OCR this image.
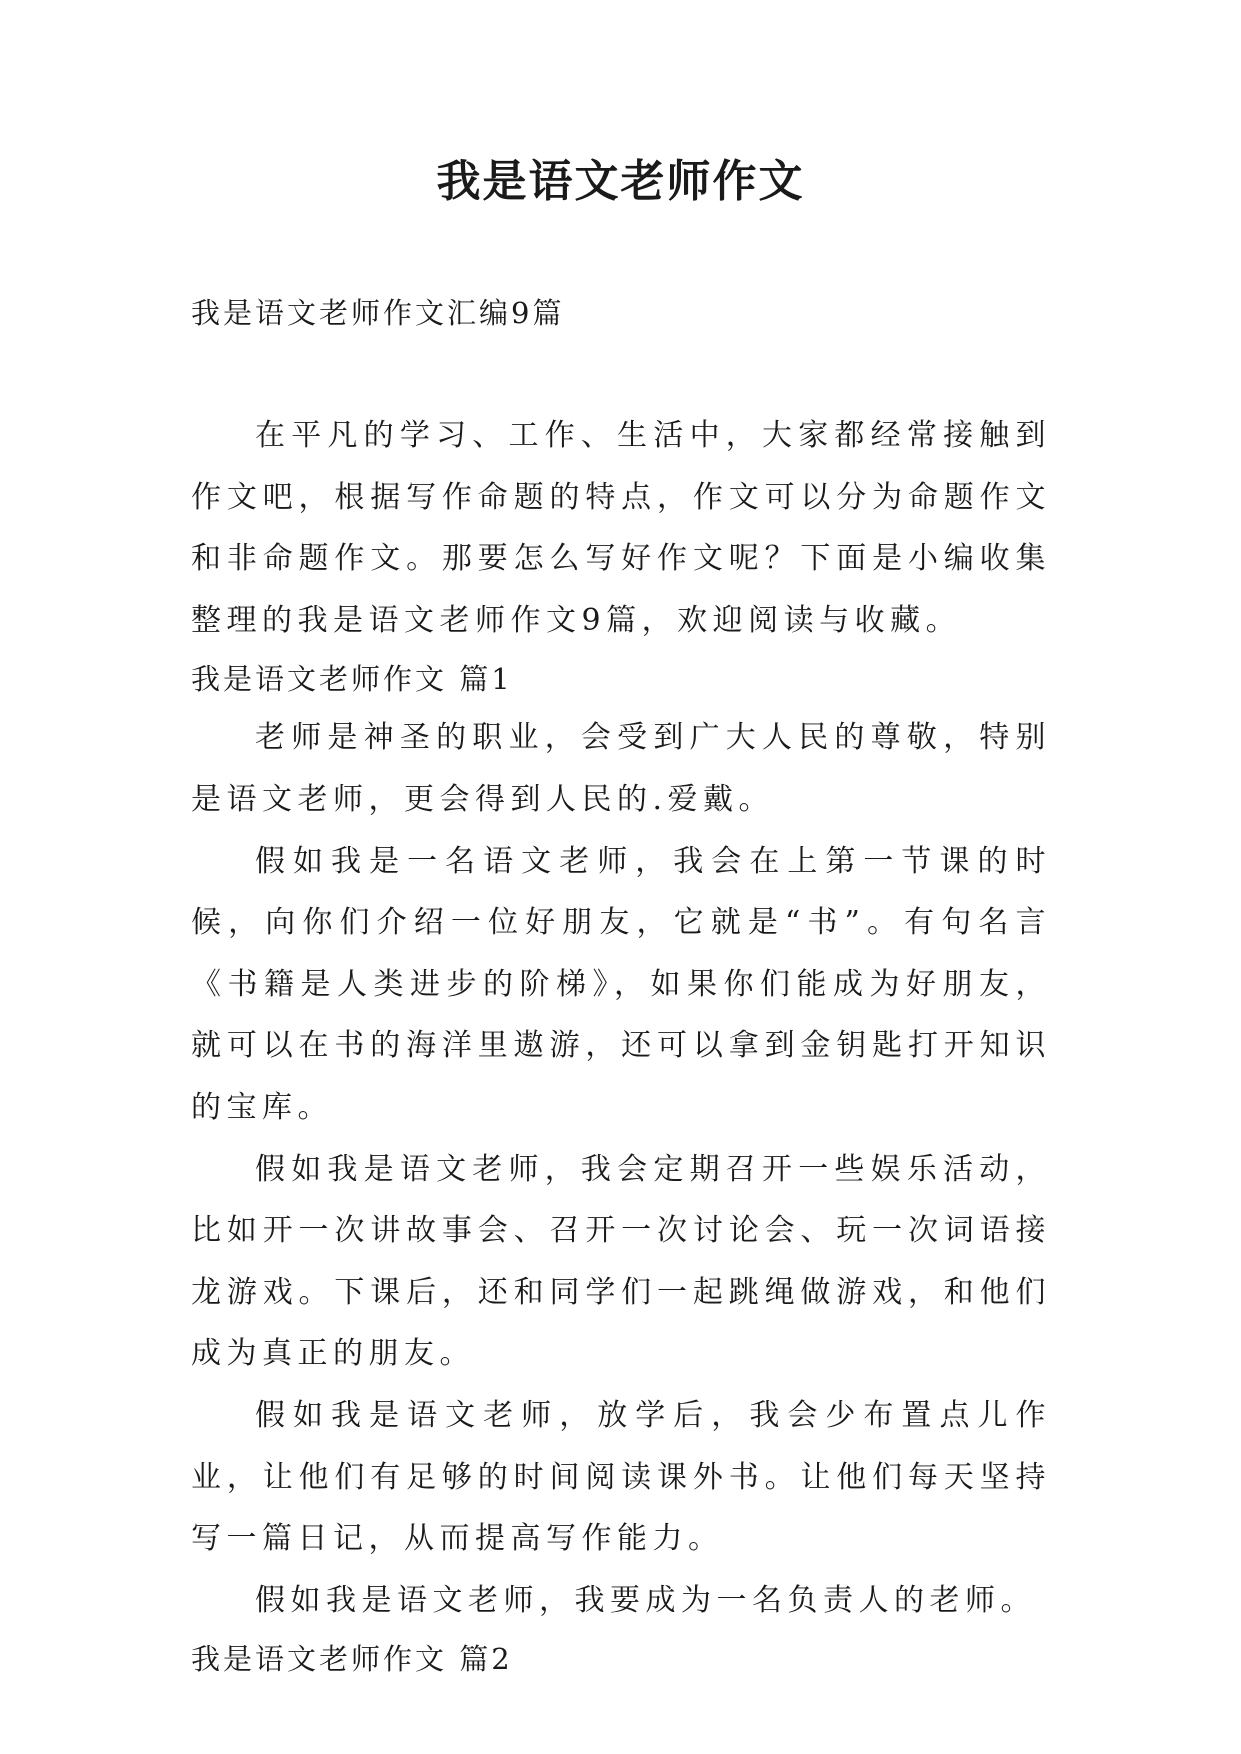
我是语文老师作文
我是语文老师作文汇编9篇

在平凡的学习、工作、生活中，大家都经常接触到作文吧，根据写作命题的特点，作文可以分为命题作文和非命题作文。那要怎么写好作文呢？下面是小编收集整理的我是语文老师作文9篇，欢迎阅读与收藏。

我是语文老师作文 篇1

老师是神圣的职业，会受到广大人民的尊敬，特别是语文老师，更会得到人民的.爱戴。

假如我是一名语文老师，我会在上第一节课的时候，向你们介绍一位好朋友，它就是“书”。有句名言《书籍是人类进步的阶梯》，如果你们能成为好朋友，就可以在书的海洋里遨游，还可以拿到金钥匙打开知识的宝库。

假如我是语文老师，我会定期召开一些娱乐活动，比如开一次讲故事会、召开一次讨论会、玩一次词语接龙游戏。下课后，还和同学们一起跳绳做游戏，和他们成为真正的朋友。

假如我是语文老师，放学后，我会少布置点儿作业，让他们有足够的时间阅读课外书。让他们每天坚持写一篇日记，从而提高写作能力。

假如我是语文老师，我要成为一名负责人的老师。

我是语文老师作文 篇2
